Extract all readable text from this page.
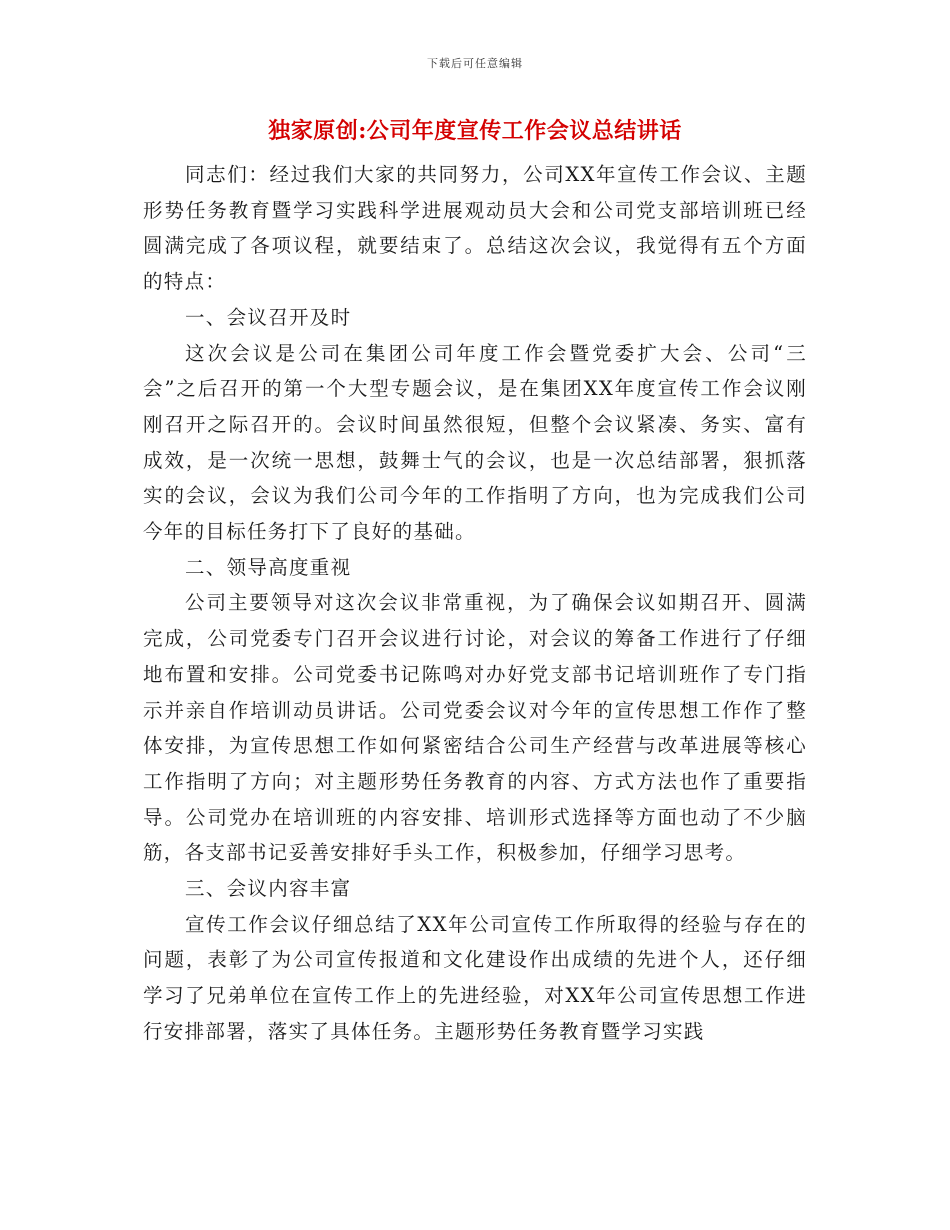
下载后可任意编辑
独家原创:公司年度宣传工作会议总结讲话

同志们：经过我们大家的共同努力，公司XX年宣传工作会议、主题形势任务教育暨学习实践科学进展观动员大会和公司党支部培训班已经圆满完成了各项议程，就要结束了。总结这次会议，我觉得有五个方面的特点：

一、会议召开及时

这次会议是公司在集团公司年度工作会暨党委扩大会、公司“三会”之后召开的第一个大型专题会议，是在集团XX年度宣传工作会议刚刚召开之际召开的。会议时间虽然很短，但整个会议紧凑、务实、富有成效，是一次统一思想，鼓舞士气的会议，也是一次总结部署，狠抓落实的会议，会议为我们公司今年的工作指明了方向，也为完成我们公司今年的目标任务打下了良好的基础。

二、领导高度重视

公司主要领导对这次会议非常重视，为了确保会议如期召开、圆满完成，公司党委专门召开会议进行讨论，对会议的筹备工作进行了仔细地布置和安排。公司党委书记陈鸣对办好党支部书记培训班作了专门指示并亲自作培训动员讲话。公司党委会议对今年的宣传思想工作作了整体安排，为宣传思想工作如何紧密结合公司生产经营与改革进展等核心工作指明了方向；对主题形势任务教育的内容、方式方法也作了重要指导。公司党办在培训班的内容安排、培训形式选择等方面也动了不少脑筋，各支部书记妥善安排好手头工作，积极参加，仔细学习思考。

三、会议内容丰富

宣传工作会议仔细总结了XX年公司宣传工作所取得的经验与存在的问题，表彰了为公司宣传报道和文化建设作出成绩的先进个人，还仔细学习了兄弟单位在宣传工作上的先进经验，对XX年公司宣传思想工作进行安排部署，落实了具体任务。主题形势任务教育暨学习实践
